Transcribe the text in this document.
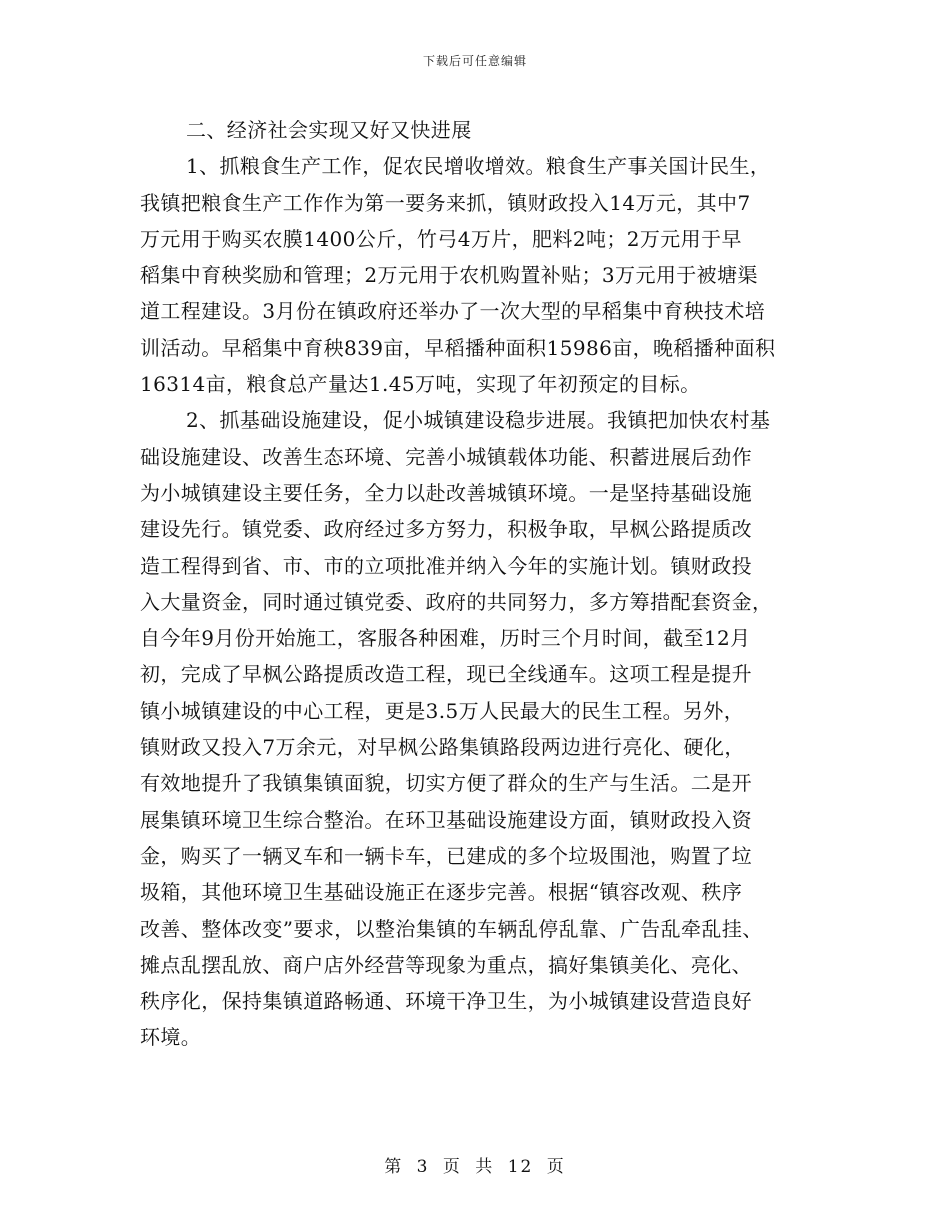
下载后可任意编辑
二、经济社会实现又好又快进展
1、抓粮食生产工作，促农民增收增效。粮食生产事关国计民生，
我镇把粮食生产工作作为第一要务来抓，镇财政投入14万元，其中7
万元用于购买农膜1400公斤，竹弓4万片，肥料2吨；2万元用于早
稻集中育秧奖励和管理；2万元用于农机购置补贴；3万元用于被塘渠
道工程建设。3月份在镇政府还举办了一次大型的早稻集中育秧技术培
训活动。早稻集中育秧839亩，早稻播种面积15986亩，晚稻播种面积
16314亩，粮食总产量达1.45万吨，实现了年初预定的目标。
2、抓基础设施建设，促小城镇建设稳步进展。我镇把加快农村基
础设施建设、改善生态环境、完善小城镇载体功能、积蓄进展后劲作
为小城镇建设主要任务，全力以赴改善城镇环境。一是坚持基础设施
建设先行。镇党委、政府经过多方努力，积极争取，早枫公路提质改
造工程得到省、市、市的立项批准并纳入今年的实施计划。镇财政投
入大量资金，同时通过镇党委、政府的共同努力，多方筹措配套资金，
自今年9月份开始施工，客服各种困难，历时三个月时间，截至12月
初，完成了早枫公路提质改造工程，现已全线通车。这项工程是提升
镇小城镇建设的中心工程，更是3.5万人民最大的民生工程。另外，
镇财政又投入7万余元，对早枫公路集镇路段两边进行亮化、硬化，
有效地提升了我镇集镇面貌，切实方便了群众的生产与生活。二是开
展集镇环境卫生综合整治。在环卫基础设施建设方面，镇财政投入资
金，购买了一辆叉车和一辆卡车，已建成的多个垃圾围池，购置了垃
圾箱，其他环境卫生基础设施正在逐步完善。根据“镇容改观、秩序
改善、整体改变”要求，以整治集镇的车辆乱停乱靠、广告乱牵乱挂、
摊点乱摆乱放、商户店外经营等现象为重点，搞好集镇美化、亮化、
秩序化，保持集镇道路畅通、环境干净卫生，为小城镇建设营造良好
环境。
第 3 页 共 12 页
